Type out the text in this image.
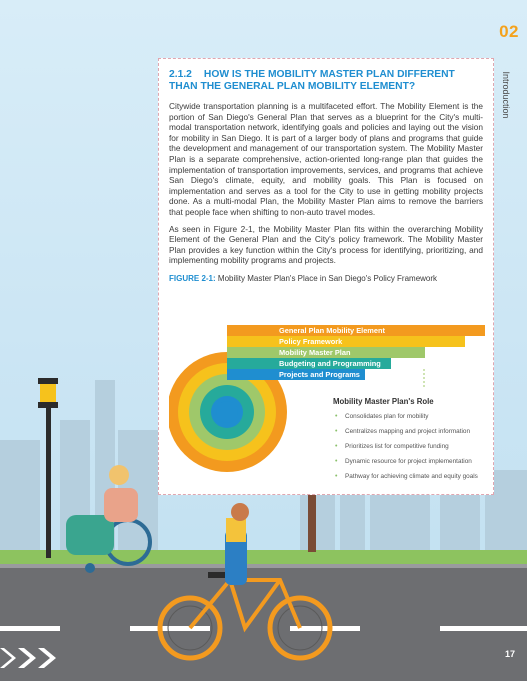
02
Introduction
17
2.1.2 HOW IS THE MOBILITY MASTER PLAN DIFFERENT THAN THE GENERAL PLAN MOBILITY ELEMENT?

Citywide transportation planning is a multifaceted effort. The Mobility Element is the portion of San Diego's General Plan that serves as a blueprint for the City's multi-modal transportation network, identifying goals and policies and laying out the vision for mobility in San Diego. It is part of a larger body of plans and programs that guide the development and management of our transportation system. The Mobility Master Plan is a separate comprehensive, action-oriented long-range plan that guides the implementation of transportation improvements, services, and programs that achieve San Diego's climate, equity, and mobility goals. This Plan is focused on implementation and serves as a tool for the City to use in getting mobility projects done. As a multi-modal Plan, the Mobility Master Plan aims to remove the barriers that people face when shifting to non-auto travel modes.

As seen in Figure 2-1, the Mobility Master Plan fits within the overarching Mobility Element of the General Plan and the City's policy framework. The Mobility Master Plan provides a key function within the City's process for identifying, prioritizing, and implementing mobility programs and projects.

FIGURE 2-1: Mobility Master Plan's Place in San Diego's Policy Framework

General Plan Mobility Element
Policy Framework
Mobility Master Plan
Budgeting and Programming
Projects and Programs
Mobility Master Plan's Role
• Consolidates plan for mobility
• Centralizes mapping and project information
• Prioritizes list for competitive funding
• Dynamic resource for project implementation
• Pathway for achieving climate and equity goals
